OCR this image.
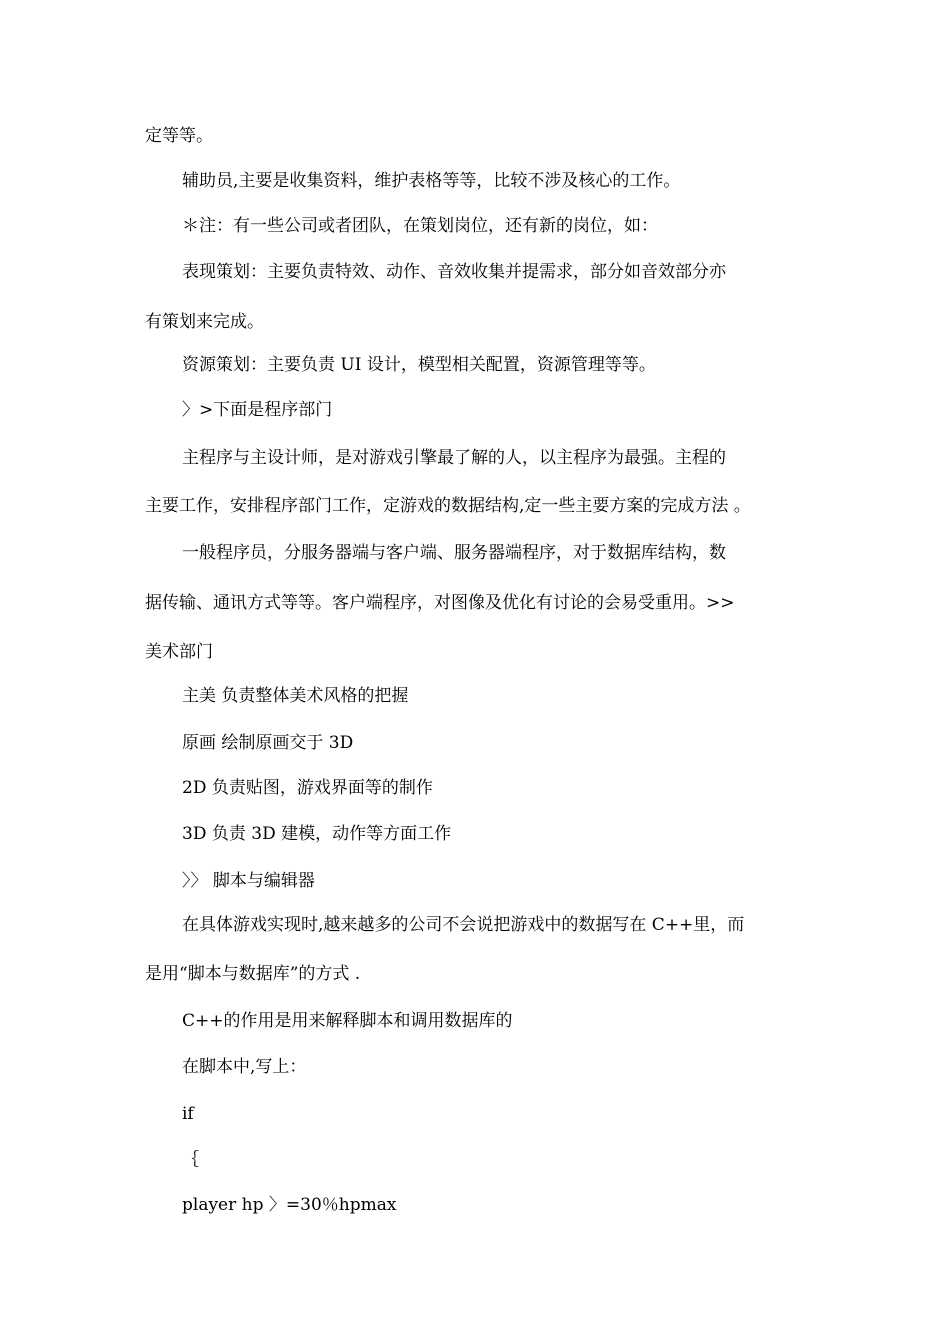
定等等。
辅助员,主要是收集资料，维护表格等等，比较不涉及核心的工作。
＊注：有一些公司或者团队，在策划岗位，还有新的岗位，如：
表现策划：主要负责特效、动作、音效收集并提需求，部分如音效部分亦
有策划来完成。
资源策划：主要负责 UI 设计，模型相关配置，资源管理等等。
〉>下面是程序部门
主程序与主设计师，是对游戏引擎最了解的人，以主程序为最强。主程的
主要工作，安排程序部门工作，定游戏的数据结构,定一些主要方案的完成方法 。
一般程序员，分服务器端与客户端、服务器端程序，对于数据库结构，数
据传输、通讯方式等等。客户端程序，对图像及优化有讨论的会易受重用。>>
美术部门
主美 负责整体美术风格的把握
原画 绘制原画交于 3D
2D 负责贴图，游戏界面等的制作
3D 负责 3D 建模，动作等方面工作
〉〉 脚本与编辑器
在具体游戏实现时,越来越多的公司不会说把游戏中的数据写在 C++里，而
是用“脚本与数据库”的方式 .
C++的作用是用来解释脚本和调用数据库的
在脚本中,写上：
if
｛
player hp 〉=30％hpmax
